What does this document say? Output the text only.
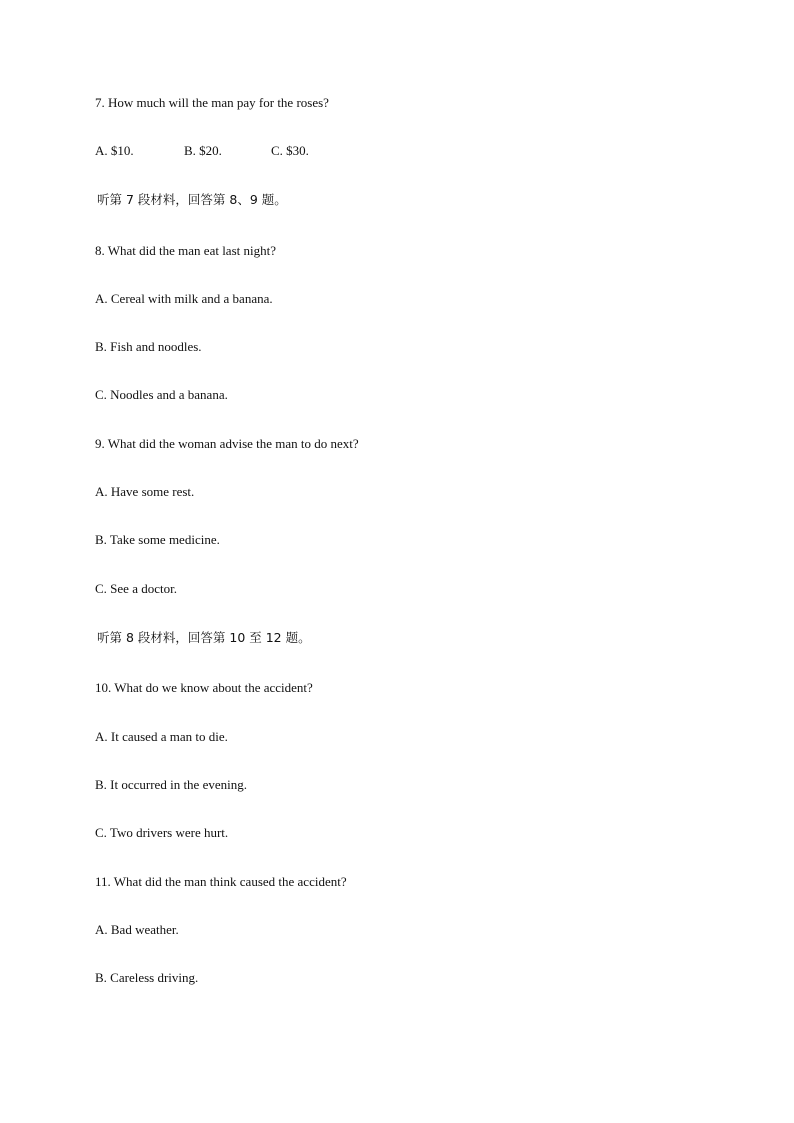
7. How much will the man pay for the roses?
A. $10.	B. $20.	C. $30.
听第 7 段材料，回答第 8、9 题。
8. What did the man eat last night?
A. Cereal with milk and a banana.
B. Fish and noodles.
C. Noodles and a banana.
9. What did the woman advise the man to do next?
A. Have some rest.
B. Take some medicine.
C. See a doctor.
听第 8 段材料，回答第 10 至 12 题。
10. What do we know about the accident?
A. It caused a man to die.
B. It occurred in the evening.
C. Two drivers were hurt.
11. What did the man think caused the accident?
A. Bad weather.
B. Careless driving.
